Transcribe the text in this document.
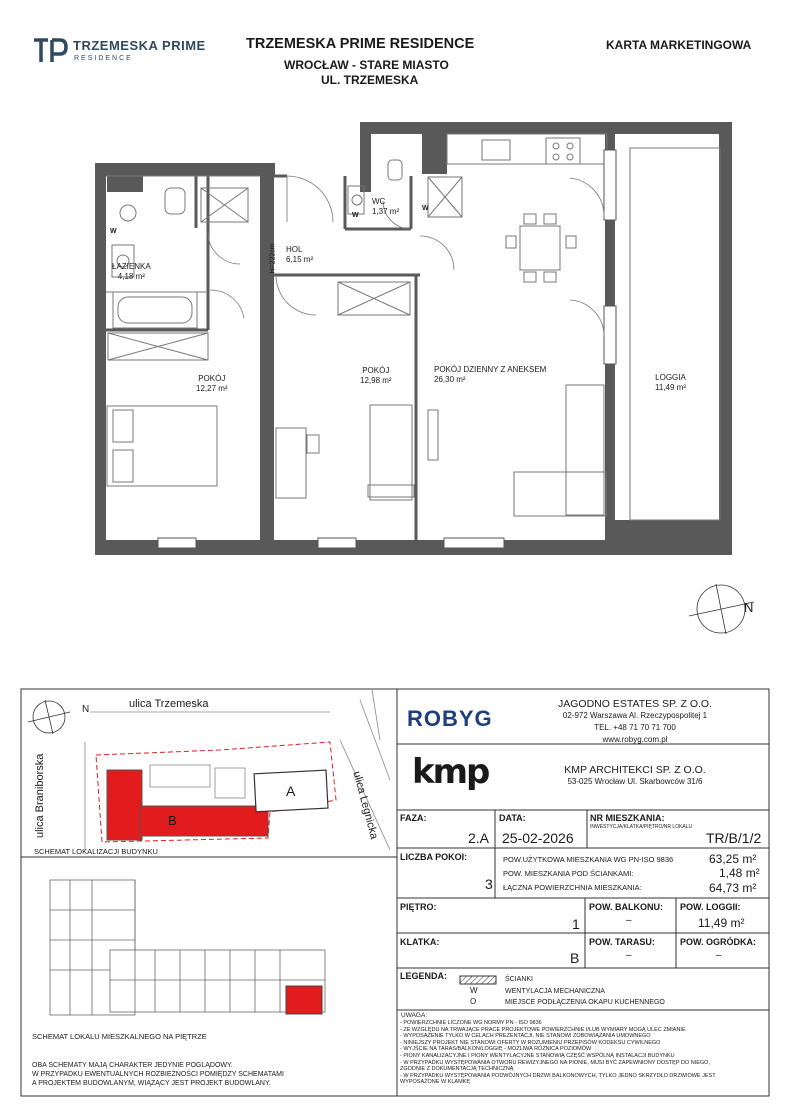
TRZEMESKA PRIME
RESIDENCE
TRZEMESKA PRIME RESIDENCE
WROCŁAW - STARE MIASTO
UL. TRZEMESKA
KARTA MARKETINGOWA
ŁAZIENKA
4,18 m²
HOL
6,15 m²
WC
1,37 m²
POKÓJ
12,27 m²
POKÓJ
12,98 m²
POKÓJ DZIENNY Z ANEKSEM
26,30 m²	LOGGIA
11,49 m²
H=222cm
W
W
W
N
ulica Trzemeska
ulica Braniborska	ulica Legnicka
A
B
N
SCHEMAT LOKALIZACJI BUDYNKU
SCHEMAT LOKALU MIESZKALNEGO NA PIĘTRZE
OBA SCHEMATY MAJĄ CHARAKTER JEDYNIE POGLĄDOWY.
W PRZYPADKU EWENTUALNYCH ROZBIEŻNOŚCI POMIĘDZY SCHEMATAMI
A PROJEKTEM BUDOWLANYM, WIĄŻĄCY JEST PROJEKT BUDOWLANY.
ROBYG
JAGODNO ESTATES SP. Z O.O.
02-972 Warszawa Al. Rzeczypospolitej 1
TEL. +48 71 70 71 700
www.robyg.com.pl
kmp	KMP ARCHITEKCI SP. Z O.O.
53-025 Wrocław Ul. Skarbowców 31/6
FAZA:
2.A
DATA:
25-02-2026
NR MIESZKANIA:
INWESTYCJA/KLATKA/PIĘTRO/NR LOKALU
TR/B/1/2
LICZBA POKOI:
3
POW.UŻYTKOWA MIESZKANIA WG PN-ISO 9836	63,25 m²
POW. MIESZKANIA POD ŚCIANKAMI:	1,48 m²
ŁĄCZNA POWIERZCHNIA MIESZKANIA:	64,73 m²
PIĘTRO:
1
POW. BALKONU:
–
POW. LOGGII:
11,49 m²
KLATKA:
B
POW. TARASU:
–
POW. OGRÓDKA:
–
LEGENDA:	ŚCIANKI
W	WENTYLACJA MECHANICZNA
O	MIEJSCE PODŁĄCZENIA OKAPU KUCHENNEGO
UWAGA:
- POWIERZCHNIE LICZONE WG NORMY PN - ISO 9836
- ZE WZGLĘDU NA TRWAJĄCE PRACE PROJEKTOWE POWIERZCHNIE I/LUB WYMIARY MOGĄ ULEC ZMIANIE
- WYPOSAŻENIE TYLKO W CELACH PREZENTACJI, NIE STANOWI ZOBOWIĄZANIA UMOWNEGO
- NINIEJSZY PROJEKT NIE STANOWI OFERTY W ROZUMIENIU PRZEPISÓW KODEKSU CYWILNEGO
- WYJŚCIE NA TARAS/BALKON/LOGGIĘ - MOŻLIWA RÓŻNICA POZIOMÓW
- PIONY KANALIZACYJNE I PIONY WENTYLACYJNE STANOWIĄ CZĘŚĆ WSPÓLNĄ INSTALACJI BUDYNKU
- W PRZYPADKU WYSTĘPOWANIA OTWORU REWIZYJNEGO NA PIONIE, MUSI BYĆ ZAPEWNIONY DOSTĘP DO NIEGO,
ZGODNIE Z DOKUMENTACJĄ TECHNICZNĄ
- W PRZYPADKU WYSTĘPOWANIA PODWÓJNYCH DRZWI BALKONOWYCH, TYLKO JEDNO SKRZYDŁO DRZWIOWE JEST
WYPOSAŻONE W KLAMKĘ
